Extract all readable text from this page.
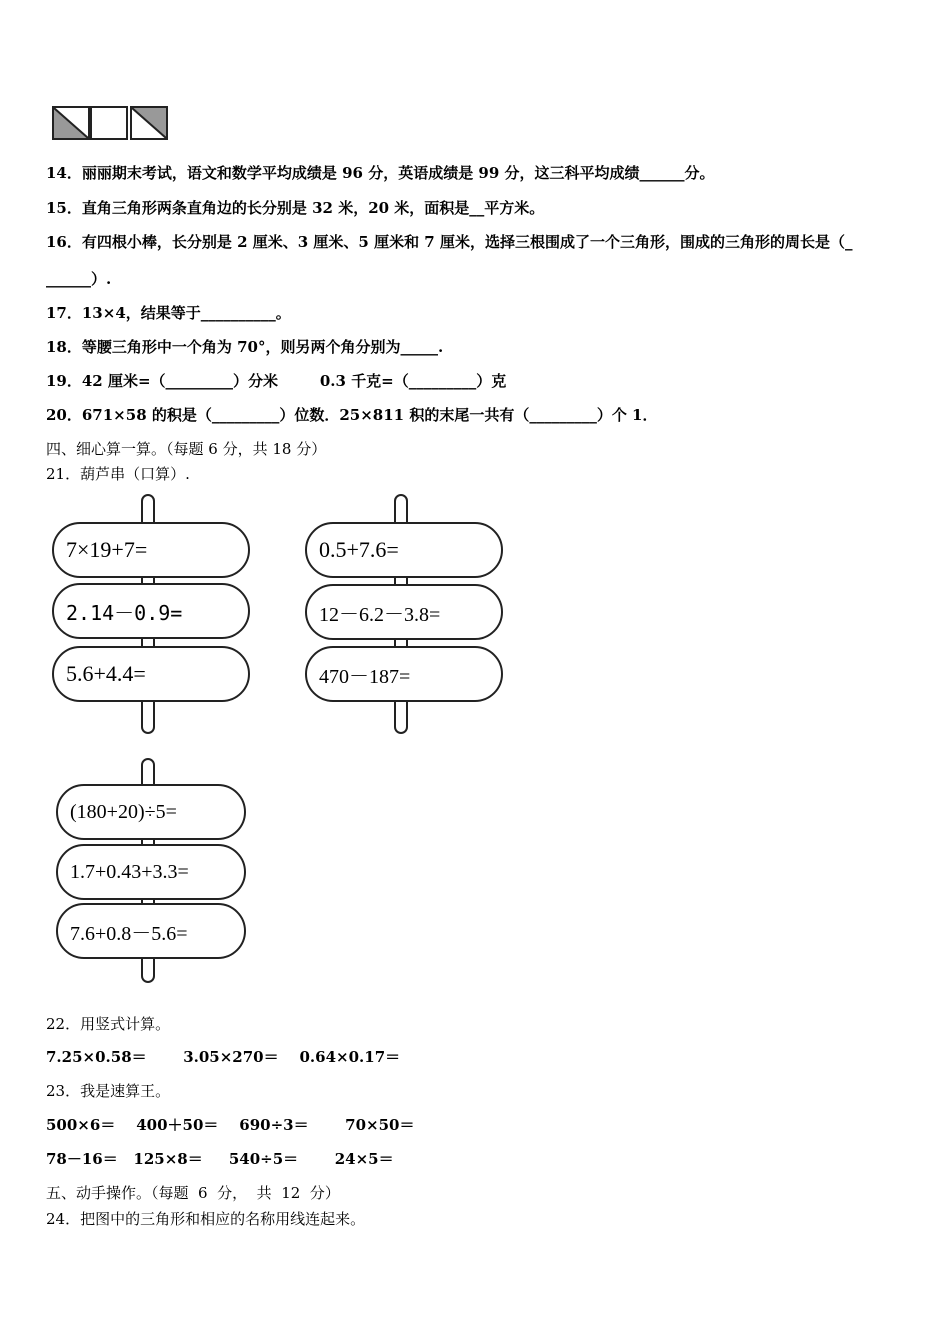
14．丽丽期末考试，语文和数学平均成绩是 96 分，英语成绩是 99 分，这三科平均成绩______分。
15．直角三角形两条直角边的长分别是 32 米，20 米，面积是__平方米。
16．有四根小棒，长分别是 2 厘米、3 厘米、5 厘米和 7 厘米，选择三根围成了一个三角形，围成的三角形的周长是（_
______）.
17．13×4，结果等于__________。
18．等腰三角形中一个角为 70°，则另两个角分别为_____.
19．42 厘米=（_________）分米        0.3 千克=（_________）克
20．671×58 的积是（_________）位数．25×811 积的末尾一共有（_________）个 1．
四、细心算一算。（每题 6 分，共 18 分）
21．葫芦串（口算）.
7×19+7=
2.14－0.9=
5.6+4.4=
0.5+7.6=
12－6.2－3.8=
470－187=
(180+20)÷5=
1.7+0.43+3.3=
7.6+0.8－5.6=
22．用竖式计算。
7.25×0.58＝       3.05×270＝    0.64×0.17＝
23．我是速算王。
500×6＝    400＋50＝    690÷3＝       70×50＝
78－16＝   125×8＝     540÷5＝       24×5＝
五、动手操作。（每题  6  分，  共  12  分）
24．把图中的三角形和相应的名称用线连起来。
